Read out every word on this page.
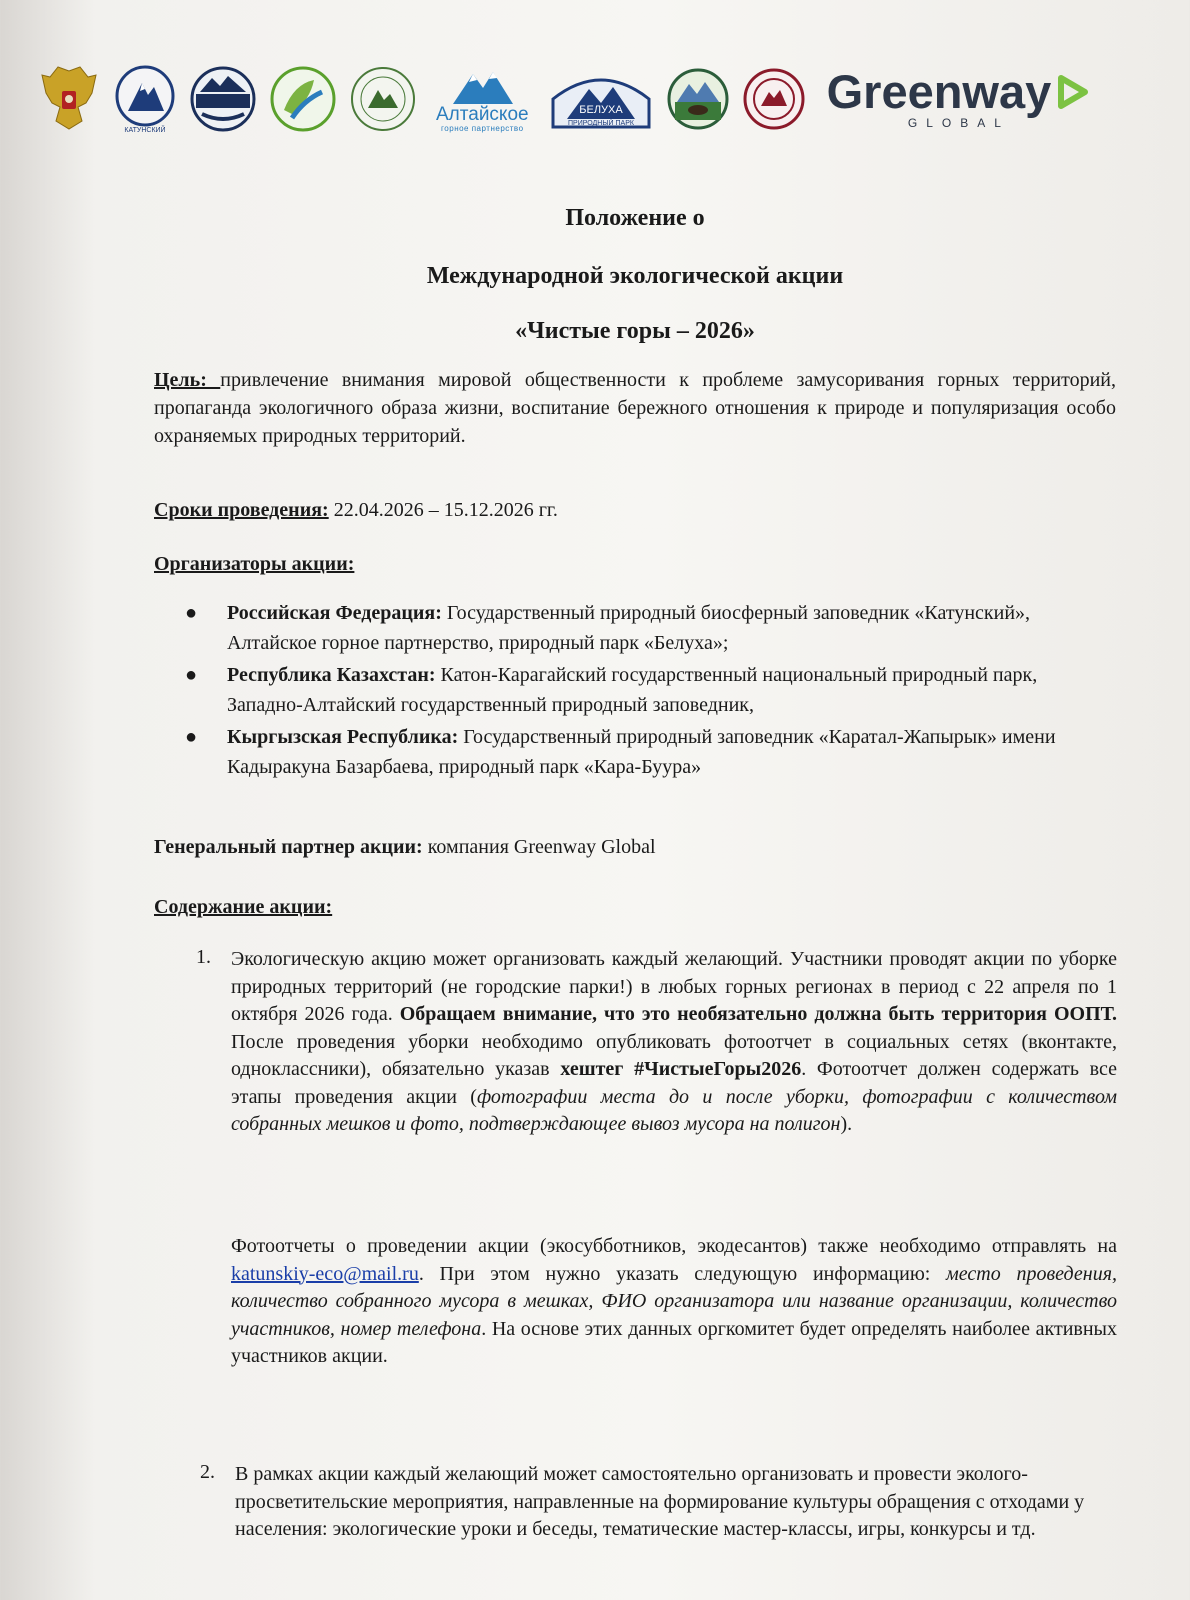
КАТУНСКИЙ
Алтайское
горное партнерство
БЕЛУХА
ПРИРОДНЫЙ ПАРК
Greenway
GLOBAL
Положение о
Международной экологической акции
«Чистые горы – 2026»
Цель: привлечение внимания мировой общественности к проблеме замусоривания горных территорий, пропаганда экологичного образа жизни, воспитание бережного отношения к природе и популяризация особо охраняемых природных территорий.
Сроки проведения: 22.04.2026 – 15.12.2026 гг.
Организаторы акции:
● Российская Федерация: Государственный природный биосферный заповедник «Катунский», Алтайское горное партнерство, природный парк «Белуха»;
● Республика Казахстан: Катон-Карагайский государственный национальный природный парк, Западно-Алтайский государственный природный заповедник,
● Кыргызская Республика: Государственный природный заповедник «Каратал-Жапырык» имени Кадыракуна Базарбаева, природный парк «Кара-Буура»
Генеральный партнер акции: компания Greenway Global
Содержание акции:
1. Экологическую акцию может организовать каждый желающий. Участники проводят акции по уборке природных территорий (не городские парки!) в любых горных регионах в период с 22 апреля по 1 октября 2026 года. Обращаем внимание, что это необязательно должна быть территория ООПТ. После проведения уборки необходимо опубликовать фотоотчет в социальных сетях (вконтакте, одноклассники), обязательно указав хештег #ЧистыеГоры2026. Фотоотчет должен содержать все этапы проведения акции (фотографии места до и после уборки, фотографии с количеством собранных мешков и фото, подтверждающее вывоз мусора на полигон).
Фотоотчеты о проведении акции (экосубботников, экодесантов) также необходимо отправлять на katunskiy-eco@mail.ru. При этом нужно указать следующую информацию: место проведения, количество собранного мусора в мешках, ФИО организатора или название организации, количество участников, номер телефона. На основе этих данных оргкомитет будет определять наиболее активных участников акции.
2. В рамках акции каждый желающий может самостоятельно организовать и провести эколого-просветительские мероприятия, направленные на формирование культуры обращения с отходами у населения: экологические уроки и беседы, тематические мастер-классы, игры, конкурсы и тд.
